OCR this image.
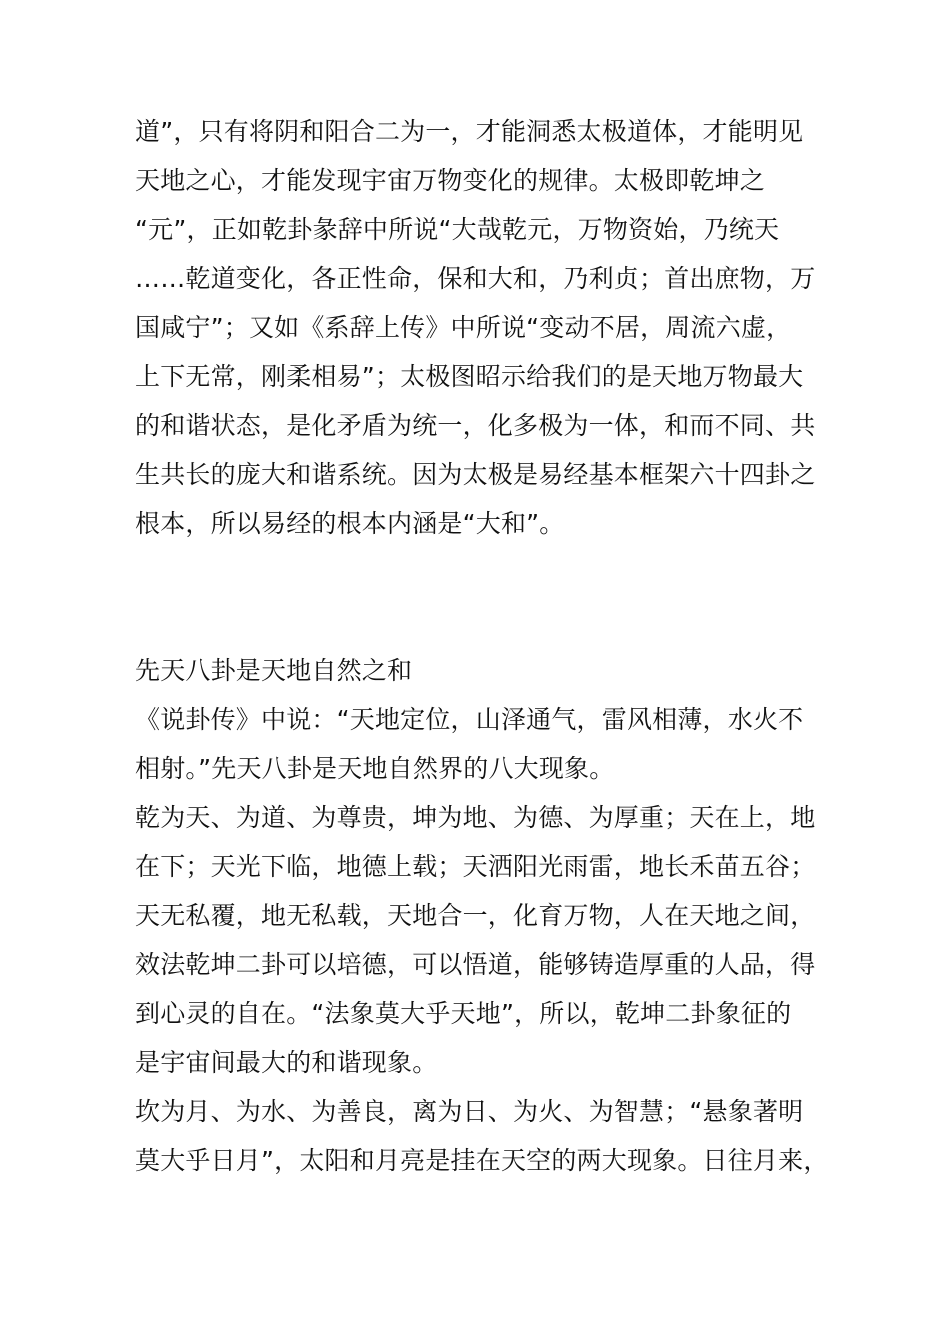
道”，只有将阴和阳合二为一，才能洞悉太极道体，才能明见
天地之心，才能发现宇宙万物变化的规律。太极即乾坤之
“元”，正如乾卦彖辞中所说“大哉乾元，万物资始，乃统天
……乾道变化，各正性命，保和大和，乃利贞；首出庶物，万
国咸宁”；又如《系辞上传》中所说“变动不居，周流六虚，
上下无常，刚柔相易”；太极图昭示给我们的是天地万物最大
的和谐状态，是化矛盾为统一，化多极为一体，和而不同、共
生共长的庞大和谐系统。因为太极是易经基本框架六十四卦之
根本，所以易经的根本内涵是“大和”。
先天八卦是天地自然之和
《说卦传》中说：“天地定位，山泽通气，雷风相薄，水火不
相射。”先天八卦是天地自然界的八大现象。
乾为天、为道、为尊贵，坤为地、为德、为厚重；天在上，地
在下；天光下临，地德上载；天洒阳光雨雷，地长禾苗五谷；
天无私覆，地无私载，天地合一，化育万物，人在天地之间，
效法乾坤二卦可以培德，可以悟道，能够铸造厚重的人品，得
到心灵的自在。“法象莫大乎天地”，所以，乾坤二卦象征的
是宇宙间最大的和谐现象。
坎为月、为水、为善良，离为日、为火、为智慧；“悬象著明
莫大乎日月”，太阳和月亮是挂在天空的两大现象。日往月来，
